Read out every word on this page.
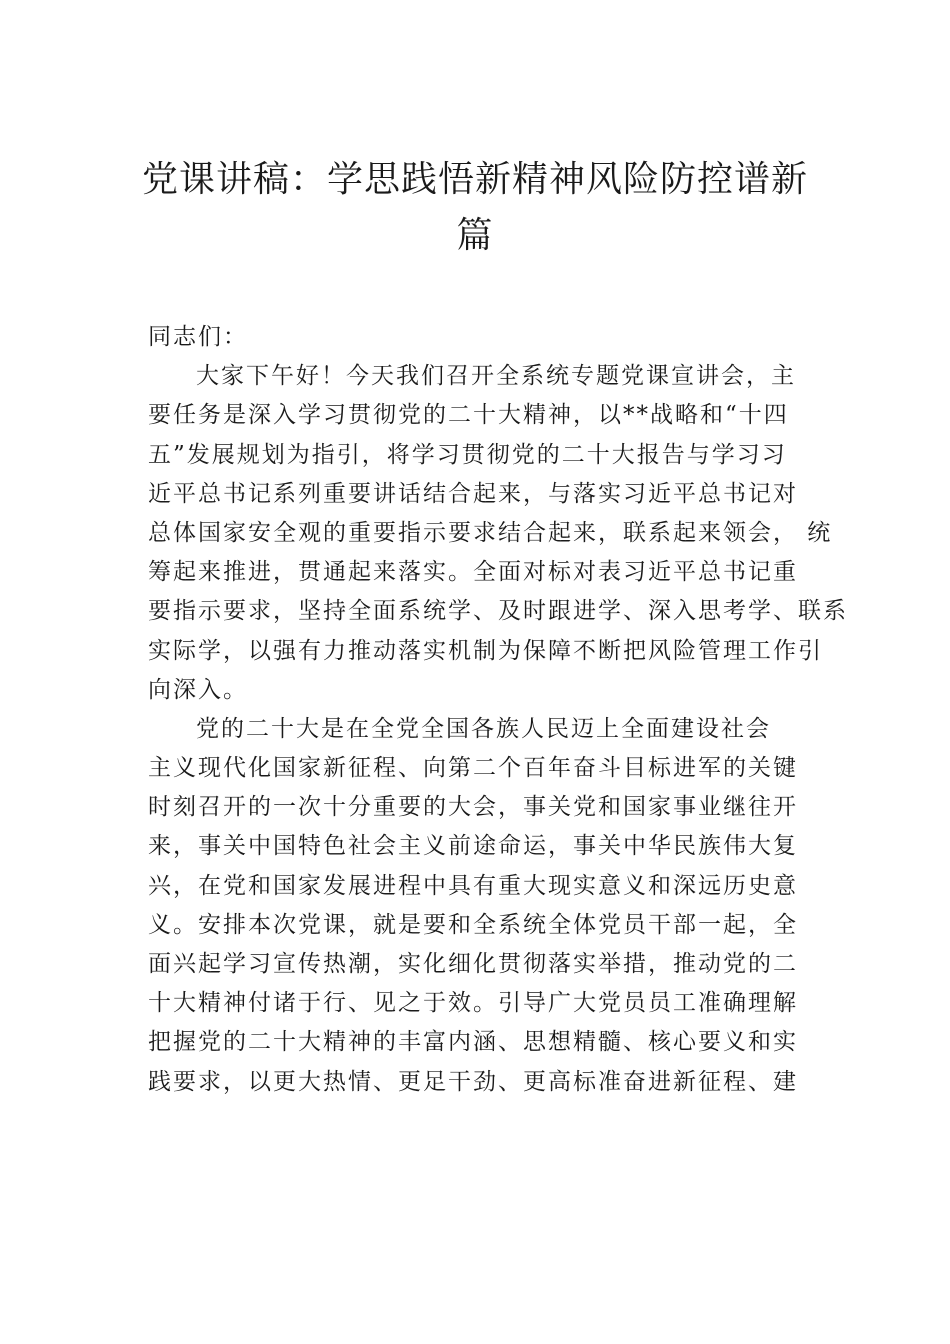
党课讲稿：学思践悟新精神风险防控谱新
篇
同志们：
大家下午好！今天我们召开全系统专题党课宣讲会，主
要任务是深入学习贯彻党的二十大精神，以**战略和“十四
五”发展规划为指引，将学习贯彻党的二十大报告与学习习
近平总书记系列重要讲话结合起来，与落实习近平总书记对
总体国家安全观的重要指示要求结合起来，联系起来领会， 统
筹起来推进，贯通起来落实。全面对标对表习近平总书记重
要指示要求，坚持全面系统学、及时跟进学、深入思考学、联系
实际学，以强有力推动落实机制为保障不断把风险管理工作引
向深入。
党的二十大是在全党全国各族人民迈上全面建设社会
主义现代化国家新征程、向第二个百年奋斗目标进军的关键
时刻召开的一次十分重要的大会，事关党和国家事业继往开
来，事关中国特色社会主义前途命运，事关中华民族伟大复
兴，在党和国家发展进程中具有重大现实意义和深远历史意
义。安排本次党课，就是要和全系统全体党员干部一起，全
面兴起学习宣传热潮，实化细化贯彻落实举措，推动党的二
十大精神付诸于行、见之于效。引导广大党员员工准确理解
把握党的二十大精神的丰富内涵、思想精髓、核心要义和实
践要求，以更大热情、更足干劲、更高标准奋进新征程、建
